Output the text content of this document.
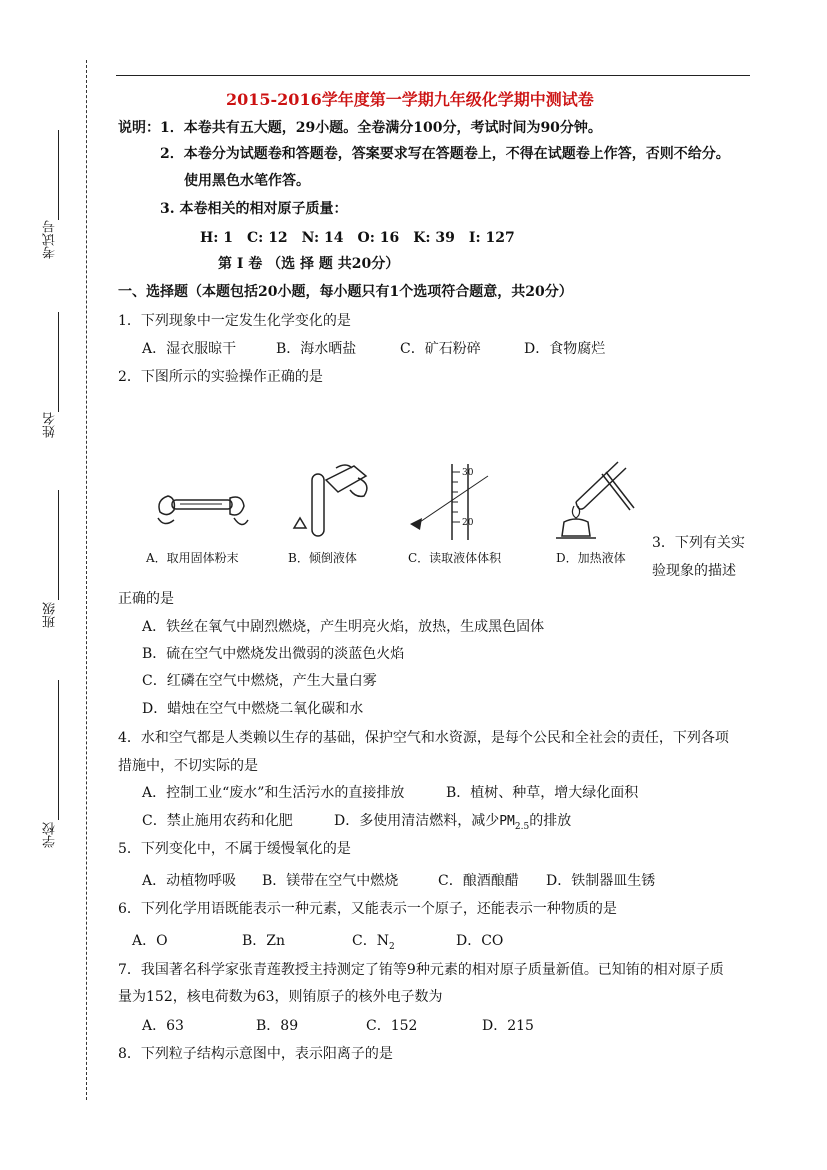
考试号
姓名
班级
学校
2015-2016学年度第一学期九年级化学期中测试卷
说明：1．本卷共有五大题，29小题。全卷满分100分，考试时间为90分钟。
2．本卷分为试题卷和答题卷，答案要求写在答题卷上，不得在试题卷上作答，否则不给分。
使用黑色水笔作答。
3. 本卷相关的相对原子质量：
H: 1　C: 12　N: 14　O: 16　K: 39　I: 127
第 I 卷 （选 择 题 共20分）
一、选择题（本题包括20小题，每小题只有1个选项符合题意，共20分）
1．下列现象中一定发生化学变化的是
A．湿衣服晾干	B．海水晒盐	C．矿石粉碎	D．食物腐烂
2．下图所示的实验操作正确的是
A．取用固体粉末	B．倾倒液体
30
20
C．读取液体体积	D．加热液体
3．下列有关实
验现象的描述
正确的是
A．铁丝在氧气中剧烈燃烧，产生明亮火焰，放热，生成黑色固体
B．硫在空气中燃烧发出微弱的淡蓝色火焰
C．红磷在空气中燃烧，产生大量白雾
D．蜡烛在空气中燃烧二氧化碳和水
4．水和空气都是人类赖以生存的基础，保护空气和水资源，是每个公民和全社会的责任，下列各项
措施中，不切实际的是
A．控制工业“废水”和生活污水的直接排放	B．植树、种草，增大绿化面积
C．禁止施用农药和化肥	D．多使用清洁燃料，减少$PM_{2.5}$的排放
5．下列变化中，不属于缓慢氧化的是
A．动植物呼吸 B．镁带在空气中燃烧	C．酿酒酿醋 D．铁制器皿生锈
6．下列化学用语既能表示一种元素，又能表示一个原子，还能表示一种物质的是
A．O	B．Zn	C．$N_2$	D．CO
7．我国著名科学家张青莲教授主持测定了铕等9种元素的相对原子质量新值。已知铕的相对原子质
量为152，核电荷数为63，则铕原子的核外电子数为
A．63	B．89	C．152	D．215
8．下列粒子结构示意图中，表示阳离子的是
